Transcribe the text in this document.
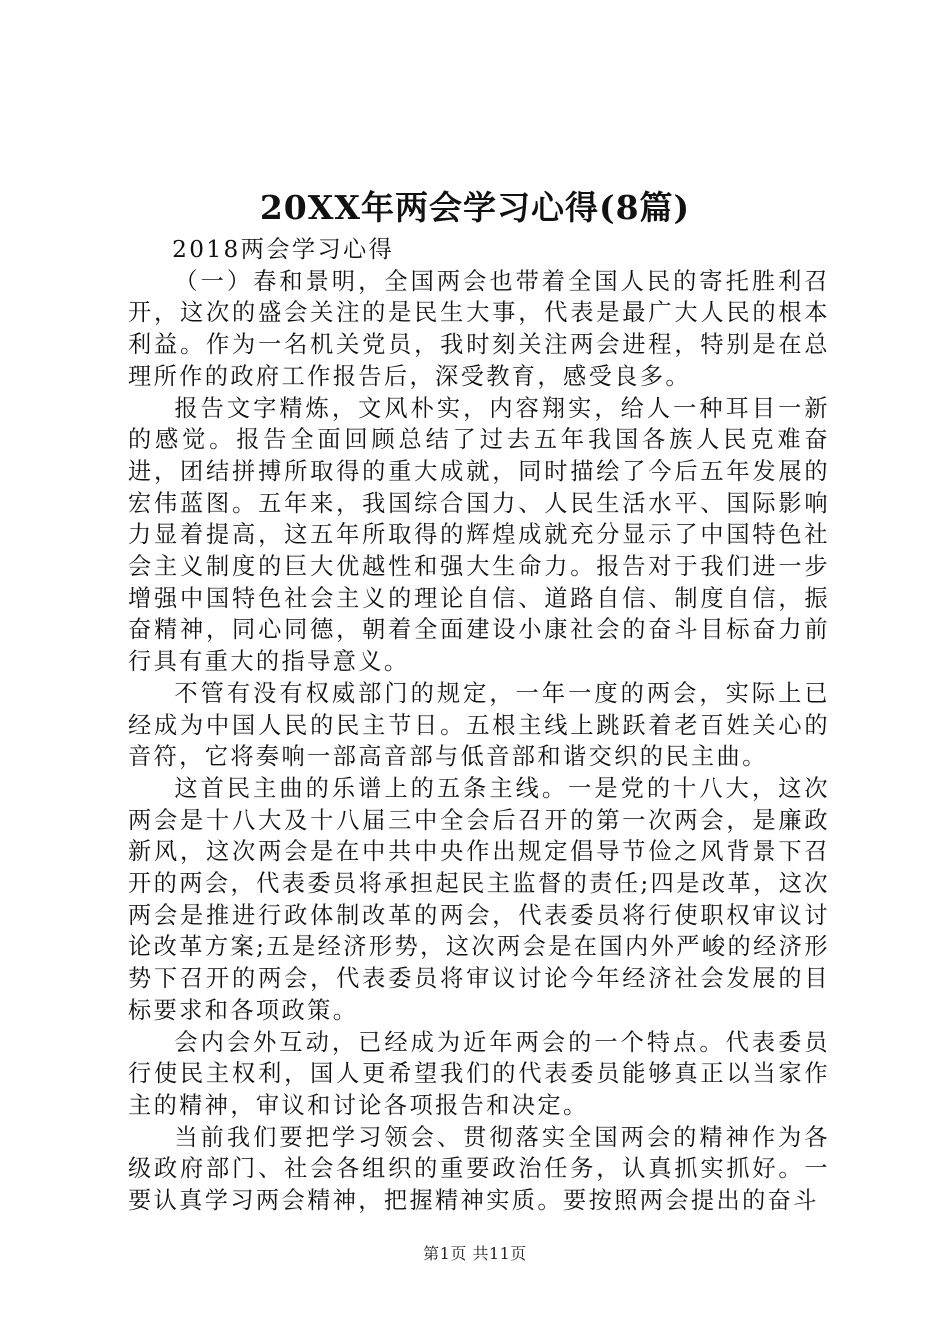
20XX年两会学习心得(8篇)

2018两会学习心得

（一）春和景明，全国两会也带着全国人民的寄托胜利召开，这次的盛会关注的是民生大事，代表是最广大人民的根本利益。作为一名机关党员，我时刻关注两会进程，特别是在总理所作的政府工作报告后，深受教育，感受良多。

报告文字精炼，文风朴实，内容翔实，给人一种耳目一新的感觉。报告全面回顾总结了过去五年我国各族人民克难奋进，团结拼搏所取得的重大成就，同时描绘了今后五年发展的宏伟蓝图。五年来，我国综合国力、人民生活水平、国际影响力显着提高，这五年所取得的辉煌成就充分显示了中国特色社会主义制度的巨大优越性和强大生命力。报告对于我们进一步增强中国特色社会主义的理论自信、道路自信、制度自信，振奋精神，同心同德，朝着全面建设小康社会的奋斗目标奋力前行具有重大的指导意义。

不管有没有权威部门的规定，一年一度的两会，实际上已经成为中国人民的民主节日。五根主线上跳跃着老百姓关心的音符，它将奏响一部高音部与低音部和谐交织的民主曲。

这首民主曲的乐谱上的五条主线。一是党的十八大，这次两会是十八大及十八届三中全会后召开的第一次两会，是廉政新风，这次两会是在中共中央作出规定倡导节俭之风背景下召开的两会，代表委员将承担起民主监督的责任;四是改革，这次两会是推进行政体制改革的两会，代表委员将行使职权审议讨论改革方案;五是经济形势，这次两会是在国内外严峻的经济形势下召开的两会，代表委员将审议讨论今年经济社会发展的目标要求和各项政策。

会内会外互动，已经成为近年两会的一个特点。代表委员行使民主权利，国人更希望我们的代表委员能够真正以当家作主的精神，审议和讨论各项报告和决定。

当前我们要把学习领会、贯彻落实全国两会的精神作为各级政府部门、社会各组织的重要政治任务，认真抓实抓好。一要认真学习两会精神，把握精神实质。要按照两会提出的奋斗

第1页 共11页
